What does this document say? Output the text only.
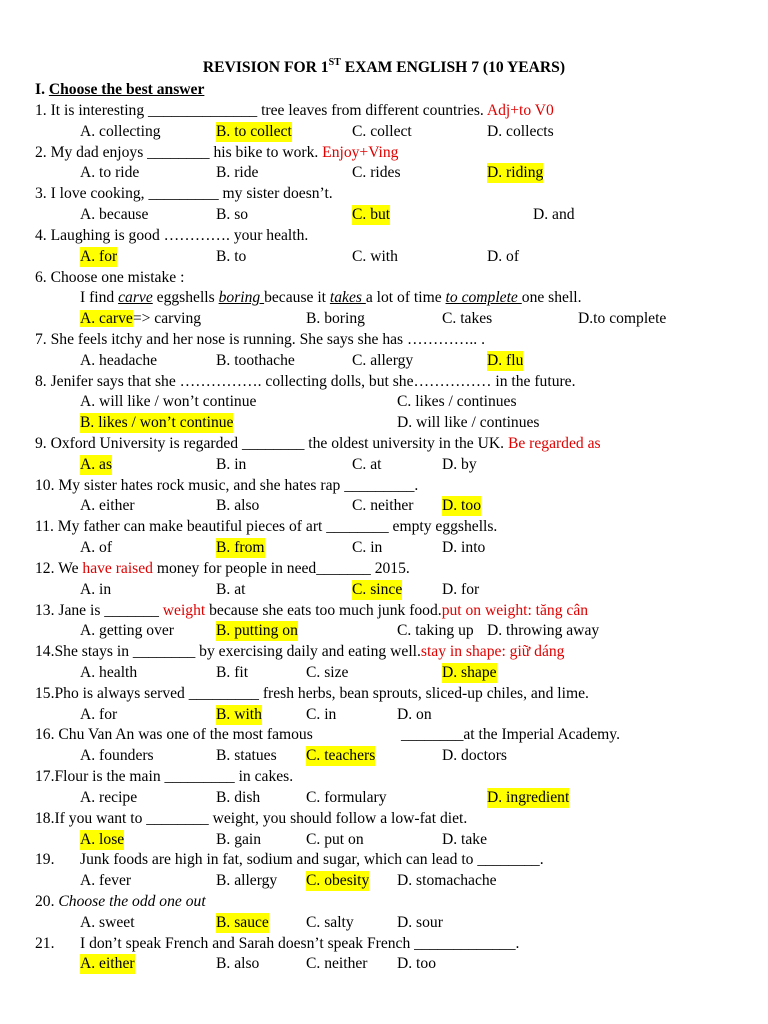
REVISION FOR 1ST EXAM ENGLISH 7 (10 YEARS)
I. Choose the best answer
1. It is interesting ______________ tree leaves from different countries. Adj+to V0
A. collecting	B. to collect	C. collect	D. collects
2. My dad enjoys ________ his bike to work. Enjoy+Ving
A. to ride	B. ride	C. rides	D. riding
3. I love cooking, _________ my sister doesn’t.
A. because	B. so	C. but	D. and
4. Laughing is good …………. your health.
A. for	B. to	C. with	D. of
6. Choose one mistake :
I find carve eggshells boring because it takes a lot of time to complete one shell.
A. carve=> carving	B. boring	C. takes	D.to complete
7. She feels itchy and her nose is running. She says she has ………….. .
A. headache	B. toothache	C. allergy	D. flu
8. Jenifer says that she ……………. collecting dolls, but she…………… in the future.
A. will like / won’t continue	C. likes / continues
B. likes / won’t continue	D. will like / continues
9. Oxford University is regarded ________ the oldest university in the UK. Be regarded as
A. as	B. in	C. at	D. by
10. My sister hates rock music, and she hates rap _________.
A. either	B. also	C. neither D. too
11. My father can make beautiful pieces of art ________ empty eggshells.
A. of	B. from	C. in	D. into
12. We have raised money for people in need_______ 2015.
A. in	B. at	C. since	D. for
13. Jane is _______ weight because she eats too much junk food.put on weight: tăng cân
A. getting over	B. putting on	C. taking up D. throwing away
14.She stays in ________ by exercising daily and eating well.stay in shape: giữ dáng
A. health	B. fit	C. size	D. shape
15.Pho is always served _________ fresh herbs, bean sprouts, sliced-up chiles, and lime.
A. for	B. with	C. in	D. on
16. Chu Van An was one of the most famous	________at the Imperial Academy.
A. founders	B. statues C. teachers	D. doctors
17.Flour is the main _________ in cakes.
A. recipe	B. dish	C. formulary	D. ingredient
18.If you want to ________ weight, you should follow a low-fat diet.
A. lose	B. gain	C. put on	D. take
19. Junk foods are high in fat, sodium and sugar, which can lead to ________.
A. fever	B. allergy C. obesity D. stomachache
20. Choose the odd one out
A. sweet	B. sauce C. salty	D. sour
21. I don’t speak French and Sarah doesn’t speak French _____________.
A. either	B. also	C. neither D. too
